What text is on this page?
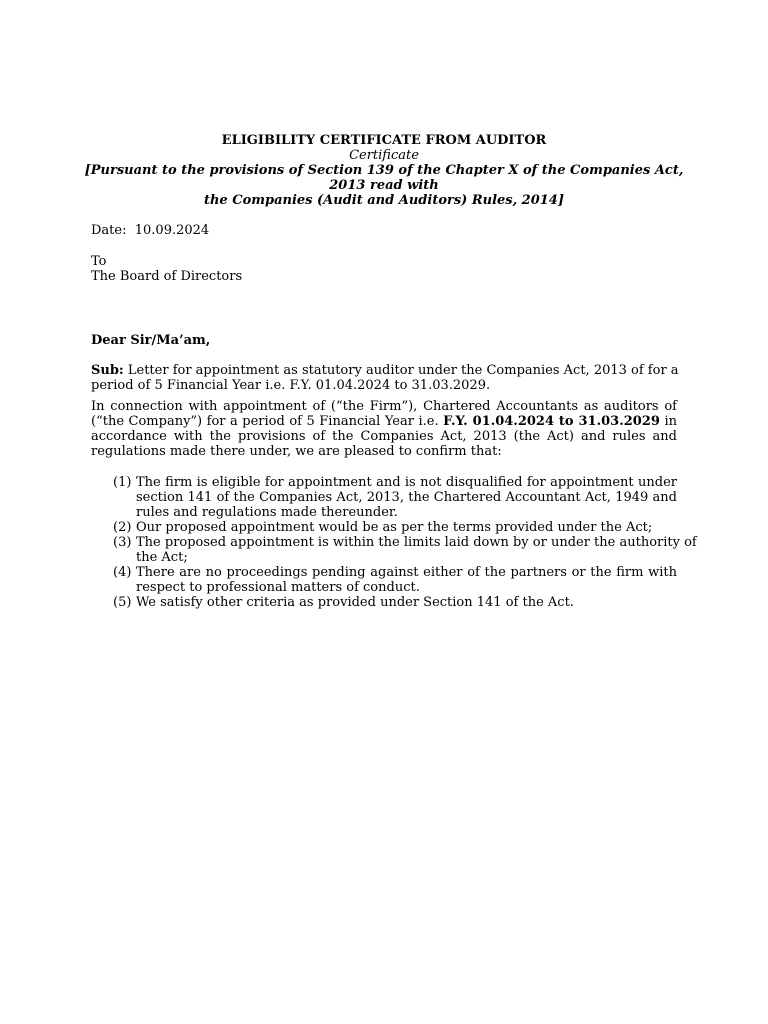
ELIGIBILITY CERTIFICATE FROM AUDITOR
Certificate
[Pursuant to the provisions of Section 139 of the Chapter X of the Companies Act,
2013 read with
the Companies (Audit and Auditors) Rules, 2014]
Date: 10.09.2024
To
The Board of Directors
Dear Sir/Ma’am,
Sub: Letter for appointment as statutory auditor under the Companies Act, 2013 of for a
period of 5 Financial Year i.e. F.Y. 01.04.2024 to 31.03.2029.
In connection with appointment of (“the Firm”), Chartered Accountants as auditors of
(“the Company”) for a period of 5 Financial Year i.e. F.Y. 01.04.2024 to 31.03.2029 in
accordance with the provisions of the Companies Act, 2013 (the Act) and rules and
regulations made there under, we are pleased to confirm that:
(1) The firm is eligible for appointment and is not disqualified for appointment under
section 141 of the Companies Act, 2013, the Chartered Accountant Act, 1949 and
rules and regulations made thereunder.
(2) Our proposed appointment would be as per the terms provided under the Act;
(3) The proposed appointment is within the limits laid down by or under the authority of
the Act;
(4) There are no proceedings pending against either of the partners or the firm with
respect to professional matters of conduct.
(5) We satisfy other criteria as provided under Section 141 of the Act.
